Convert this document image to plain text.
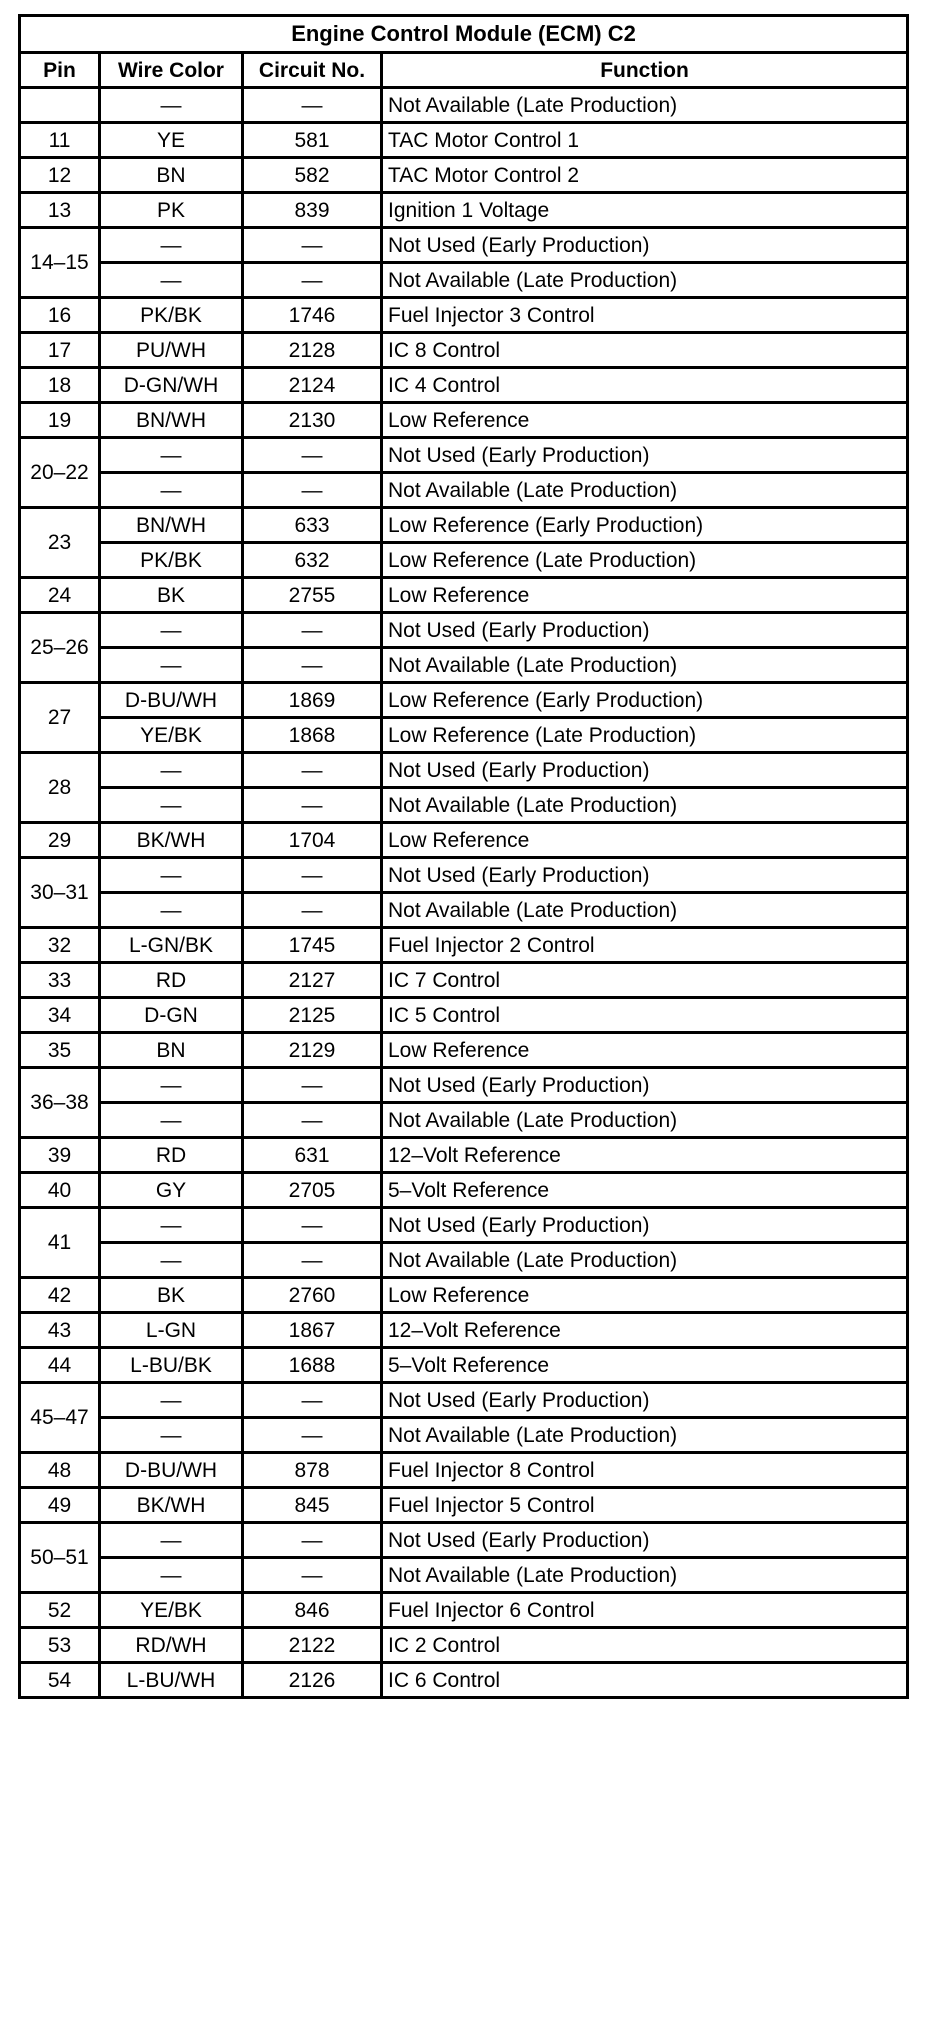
Engine Control Module (ECM) C2			
Pin	Wire Color	Circuit No.	Function
	—	—	Not Available (Late Production)
11	YE	581	TAC Motor Control 1
12	BN	582	TAC Motor Control 2
13	PK	839	Ignition 1 Voltage
14–15	—	—	Not Used (Early Production)
	—	—	Not Available (Late Production)
16	PK/BK	1746	Fuel Injector 3 Control
17	PU/WH	2128	IC 8 Control
18	D-GN/WH	2124	IC 4 Control
19	BN/WH	2130	Low Reference
20–22	—	—	Not Used (Early Production)
	—	—	Not Available (Late Production)
23	BN/WH	633	Low Reference (Early Production)
	PK/BK	632	Low Reference (Late Production)
24	BK	2755	Low Reference
25–26	—	—	Not Used (Early Production)
	—	—	Not Available (Late Production)
27	D-BU/WH	1869	Low Reference (Early Production)
	YE/BK	1868	Low Reference (Late Production)
28	—	—	Not Used (Early Production)
	—	—	Not Available (Late Production)
29	BK/WH	1704	Low Reference
30–31	—	—	Not Used (Early Production)
	—	—	Not Available (Late Production)
32	L-GN/BK	1745	Fuel Injector 2 Control
33	RD	2127	IC 7 Control
34	D-GN	2125	IC 5 Control
35	BN	2129	Low Reference
36–38	—	—	Not Used (Early Production)
	—	—	Not Available (Late Production)
39	RD	631	12–Volt Reference
40	GY	2705	5–Volt Reference
41	—	—	Not Used (Early Production)
	—	—	Not Available (Late Production)
42	BK	2760	Low Reference
43	L-GN	1867	12–Volt Reference
44	L-BU/BK	1688	5–Volt Reference
45–47	—	—	Not Used (Early Production)
	—	—	Not Available (Late Production)
48	D-BU/WH	878	Fuel Injector 8 Control
49	BK/WH	845	Fuel Injector 5 Control
50–51	—	—	Not Used (Early Production)
	—	—	Not Available (Late Production)
52	YE/BK	846	Fuel Injector 6 Control
53	RD/WH	2122	IC 2 Control
54	L-BU/WH	2126	IC 6 Control
